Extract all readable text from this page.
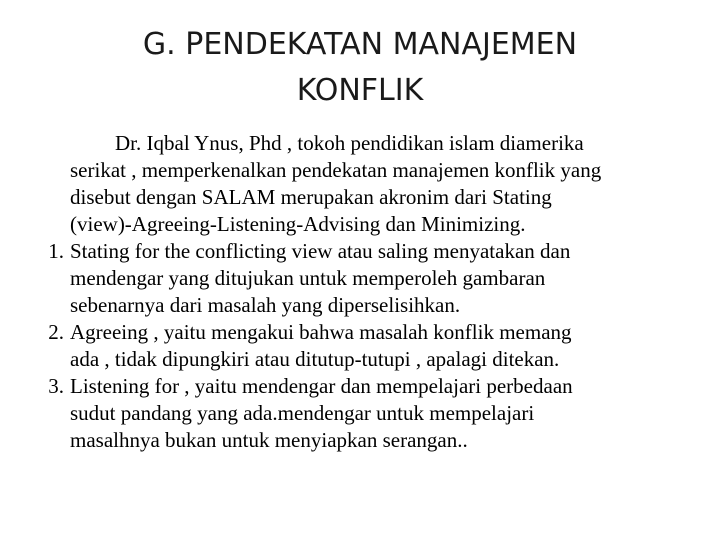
G. PENDEKATAN MANAJEMEN
KONFLIK
Dr. Iqbal Ynus, Phd , tokoh pendidikan islam diamerika
serikat , memperkenalkan pendekatan manajemen konflik yang
disebut dengan SALAM merupakan akronim dari Stating
(view)-Agreeing-Listening-Advising dan Minimizing.
1. Stating for the conflicting view atau saling menyatakan dan
mendengar yang ditujukan untuk memperoleh gambaran
sebenarnya dari masalah yang diperselisihkan.
2. Agreeing , yaitu mengakui bahwa masalah konflik memang
ada , tidak dipungkiri atau ditutup-tutupi , apalagi ditekan.
3. Listening for , yaitu mendengar dan mempelajari perbedaan
sudut pandang yang ada.mendengar untuk mempelajari
masalhnya bukan untuk menyiapkan serangan..
